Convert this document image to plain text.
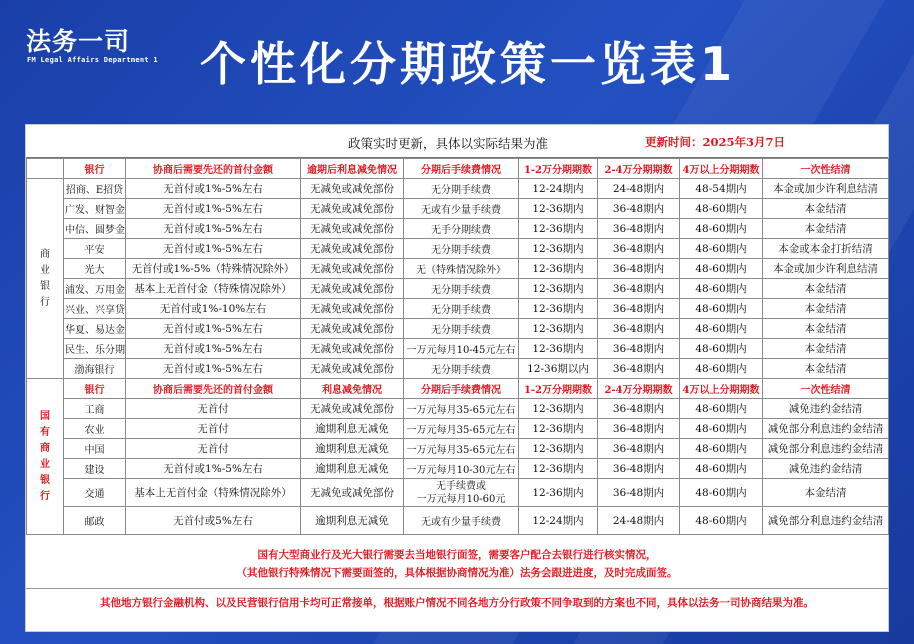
法务一司
FM Legal Affairs Department 1 个性化分期政策一览表1
政策实时更新，具体以实际结果为准	更新时间：2025年3月7日
	银行	协商后需要先还的首付金额	逾期后利息减免情况	分期后手续费情况	1-2万分期期数	2-4万分期期数	4万以上分期期数	一次性结清
商业银行	招商、E招贷	无首付或1%-5%左右	无减免或减免部份	无分期手续费	12-24期内	24-48期内	48-54期内	本金或加少许利息结清
	广发、财智金	无首付或1%-5%左右	无减免或减免部份	无或有少量手续费	12-36期内	36-48期内	48-60期内	本金结清
	中信、圆梦金	无首付或1%-5%左右	无减免或减免部份	无手分期续费	12-36期内	36-48期内	48-60期内	本金结清
	平安	无首付或1%-5%左右	无减免或减免部份	无分期手续费	12-36期内	36-48期内	48-60期内	本金或本金打折结清
	光大	无首付或1%-5%（特殊情况除外）	无减免或减免部份	无（特殊情况除外）	12-36期内	36-48期内	48-60期内	本金或加少许利息结清
	浦发、万用金	基本上无首付金（特殊情况除外）	无减免或减免部份	无分期手续费	12-36期内	36-48期内	48-60期内	本金结清
	兴业、兴享贷	无首付或1%-10%左右	无减免或减免部份	无分期手续费	12-36期内	36-48期内	48-60期内	本金结清
	华夏、易达金	无首付或1%-5%左右	无减免或减免部份	无分期手续费	12-36期内	36-48期内	48-60期内	本金结清
	民生、乐分期	无首付或1%-5%左右	无减免或减免部份	一万元每月10-45元左右	12-36期内	36-48期内	48-60期内	本金结清
	渤海银行	无首付或1%-5%左右	无减免或减免部份	无分期手续费	12-36期以内	36-48期内	48-60期内	本金结清
国有商业银行	银行	协商后需要先还的首付金额	利息减免情况	分期后手续费情况	1-2万分期期数	2-4万分期期数	4万以上分期期数	一次性结清
	工商	无首付	无减免或减免部份	一万元每月35-65元左右	12-36期内	36-48期内	48-60期内	减免违约金结清
	农业	无首付	逾期利息无减免	一万元每月35-65元左右	12-36期内	36-48期内	48-60期内	减免部分利息违约金结清
	中国	无首付	逾期利息无减免	一万元每月35-65元左右	12-36期内	36-48期内	48-60期内	减免部分利息违约金结清
	建设	无首付或1%-5%左右	逾期利息无减免	一万元每月10-30元左右	12-36期内	36-48期内	48-60期内	减免违约金结清
	交通	基本上无首付金（特殊情况除外）	无减免或减免部份	无手续费或
一万元每月10-60元	12-36期内	36-48期内	48-60期内	本金结清
	邮政	无首付或5%左右	逾期利息无减免	无或有少量手续费	12-24期内	24-48期内	48-60期内	减免部分利息违约金结清
国有大型商业行及光大银行需要去当地银行面签，需要客户配合去银行进行核实情况，
（其他银行特殊情况下需要面签的，具体根据协商情况为准）法务会跟进进度，及时完成面签。
其他地方银行金融机构、以及民营银行信用卡均可正常接单，根据账户情况不同各地方分行政策不同争取到的方案也不同，具体以法务一司协商结果为准。
